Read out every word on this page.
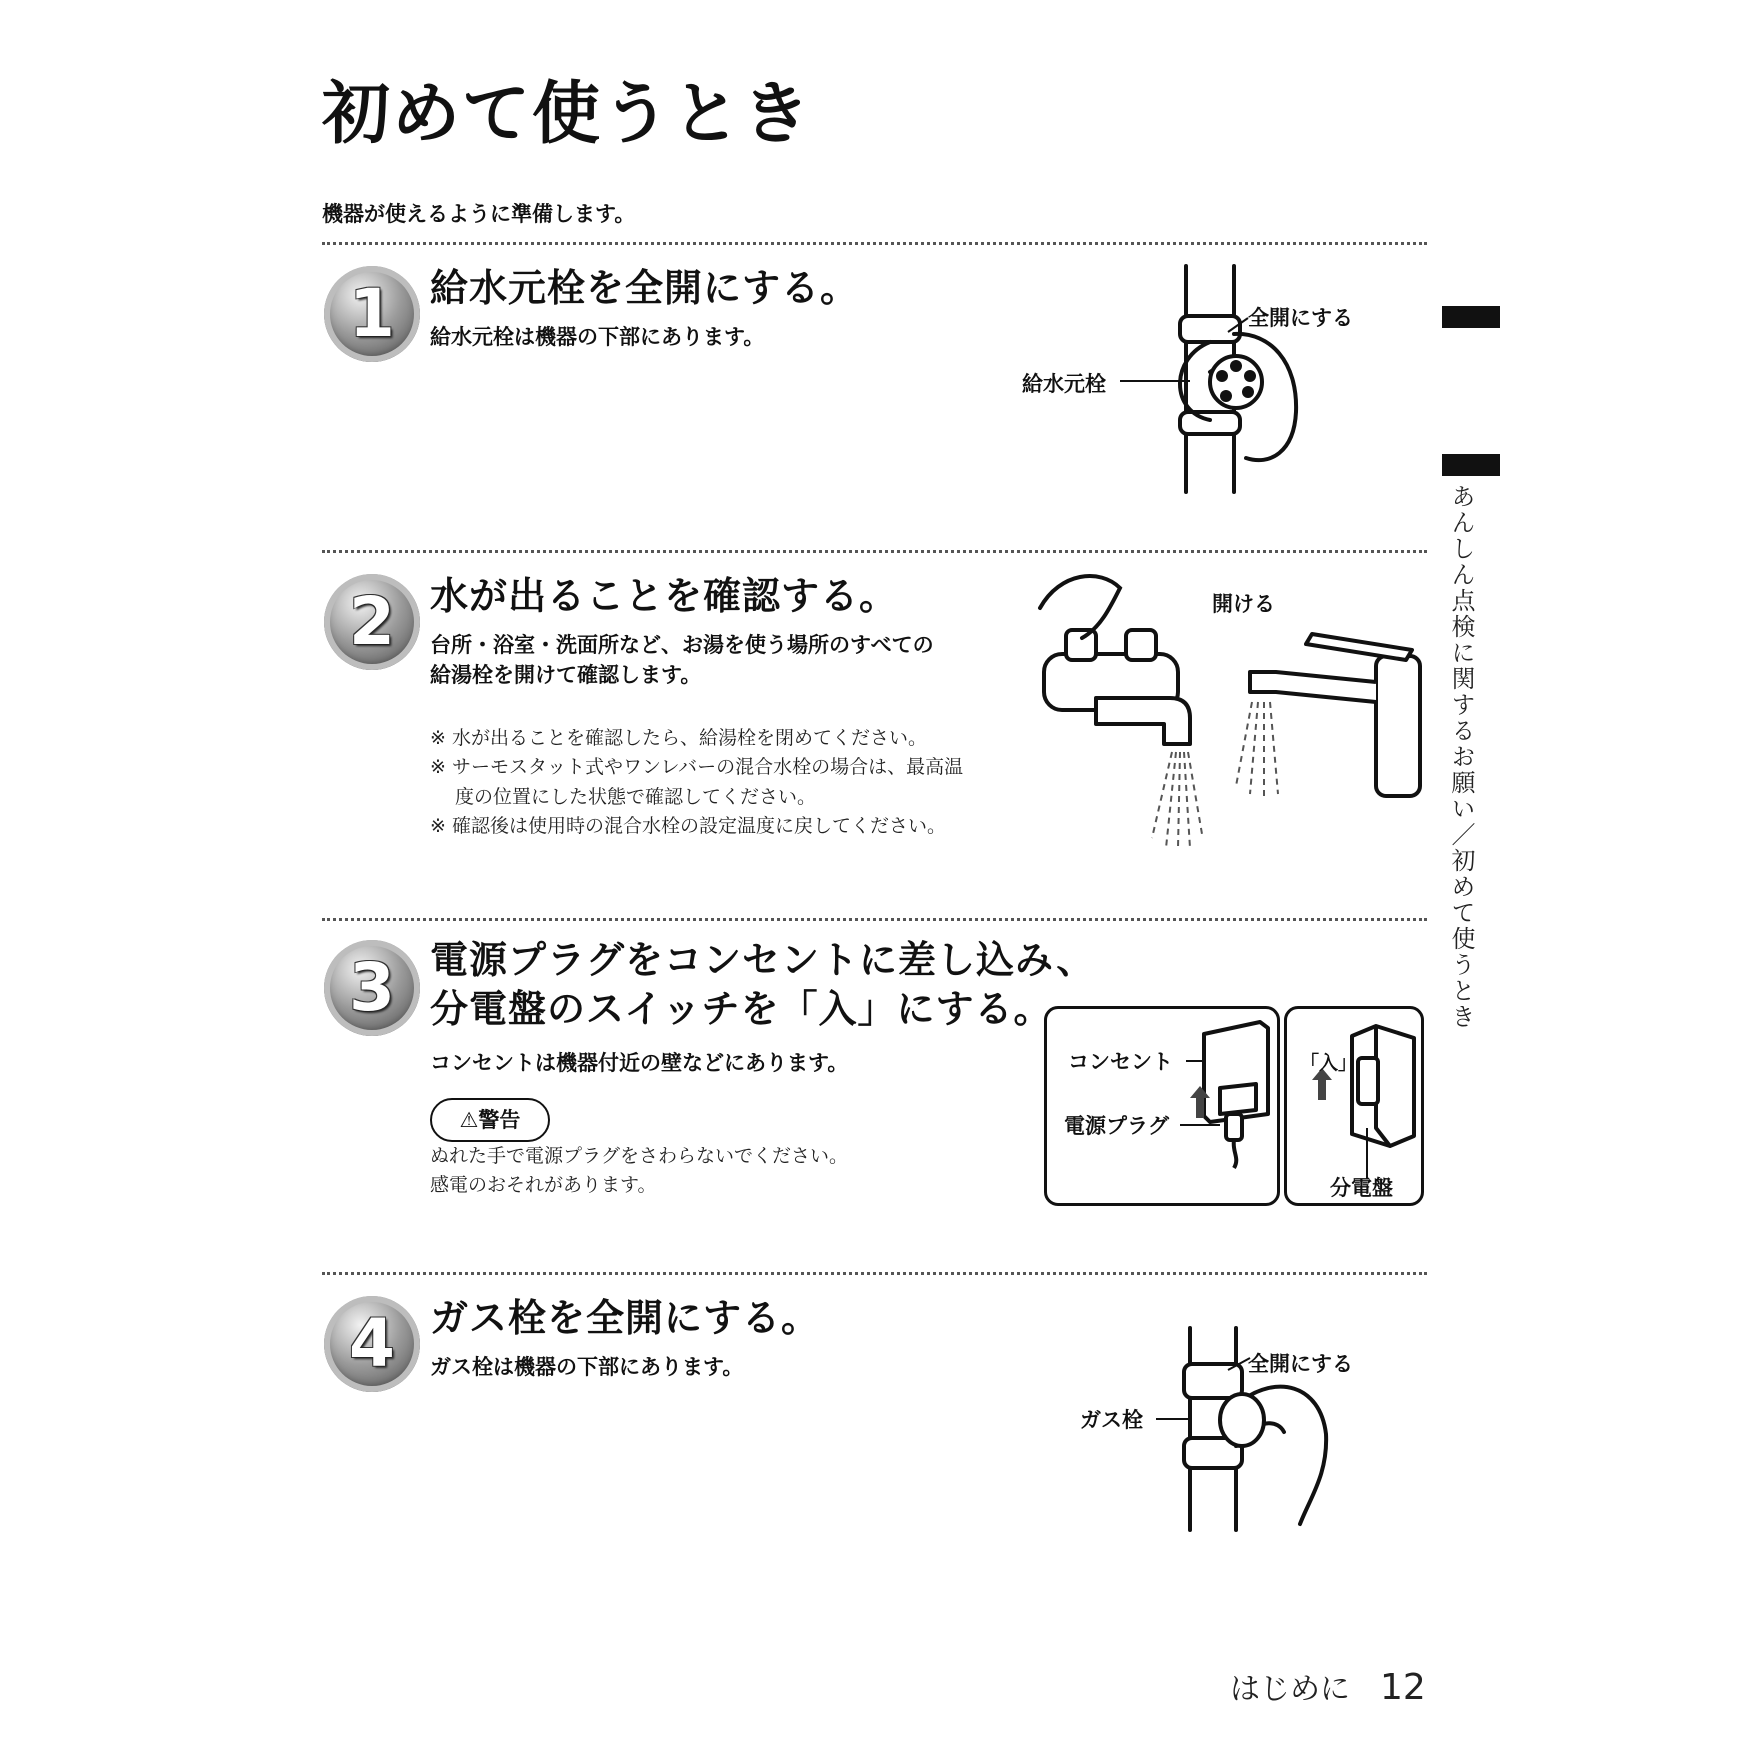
初めて使うとき
機器が使えるように準備します。
あんしん点検に関するお願い／初めて使うとき
1 給水元栓を全開にする。
給水元栓は機器の下部にあります。
全開にする
給水元栓
2 水が出ることを確認する。
台所・浴室・洗面所など、お湯を使う場所のすべての
給湯栓を開けて確認します。
※ 水が出ることを確認したら、給湯栓を閉めてください。
※ サーモスタット式やワンレバーの混合水栓の場合は、最高温
　 度の位置にした状態で確認してください。
※ 確認後は使用時の混合水栓の設定温度に戻してください。
開ける
3 電源プラグをコンセントに差し込み、
分電盤のスイッチを「入」にする。
コンセントは機器付近の壁などにあります。
⚠警告
ぬれた手で電源プラグをさわらないでください。
感電のおそれがあります。
コンセント
電源プラグ
「入」
分電盤
4 ガス栓を全開にする。
ガス栓は機器の下部にあります。	全開にする
ガス栓
はじめに 12
